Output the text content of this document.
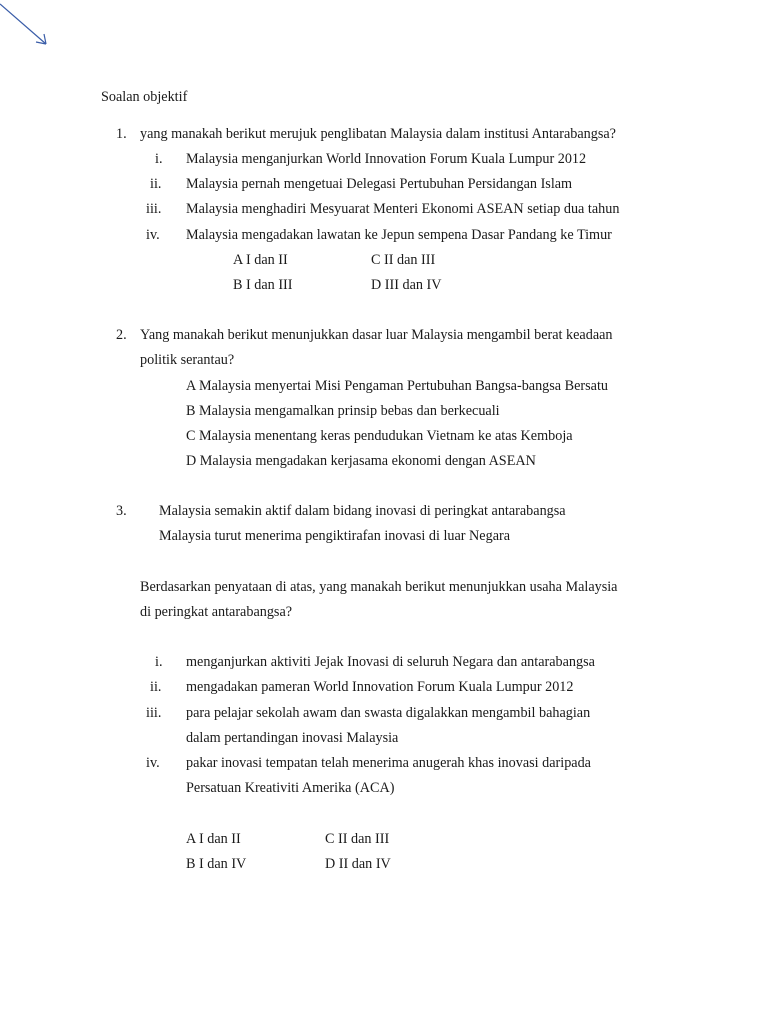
Soalan objektif
1. yang manakah berikut merujuk penglibatan Malaysia dalam institusi Antarabangsa?
i. Malaysia menganjurkan World Innovation Forum Kuala Lumpur 2012
ii. Malaysia pernah mengetuai Delegasi Pertubuhan Persidangan Islam
iii. Malaysia menghadiri Mesyuarat Menteri Ekonomi ASEAN setiap dua tahun
iv. Malaysia mengadakan lawatan ke Jepun sempena Dasar Pandang ke Timur
A I dan II	C II dan III
B I dan III	D III dan IV
2. Yang manakah berikut menunjukkan dasar luar Malaysia mengambil berat keadaan
politik serantau?
A Malaysia menyertai Misi Pengaman Pertubuhan Bangsa-bangsa Bersatu
B Malaysia mengamalkan prinsip bebas dan berkecuali
C Malaysia menentang keras pendudukan Vietnam ke atas Kemboja
D Malaysia mengadakan kerjasama ekonomi dengan ASEAN
3. Malaysia semakin aktif dalam bidang inovasi di peringkat antarabangsa
Malaysia turut menerima pengiktirafan inovasi di luar Negara
Berdasarkan penyataan di atas, yang manakah berikut menunjukkan usaha Malaysia
di peringkat antarabangsa?
i. menganjurkan aktiviti Jejak Inovasi di seluruh Negara dan antarabangsa
ii. mengadakan pameran World Innovation Forum Kuala Lumpur 2012
iii. para pelajar sekolah awam dan swasta digalakkan mengambil bahagian
dalam pertandingan inovasi Malaysia
iv. pakar inovasi tempatan telah menerima anugerah khas inovasi daripada
Persatuan Kreativiti Amerika (ACA)
A I dan II	C II dan III
B I dan IV	D II dan IV
